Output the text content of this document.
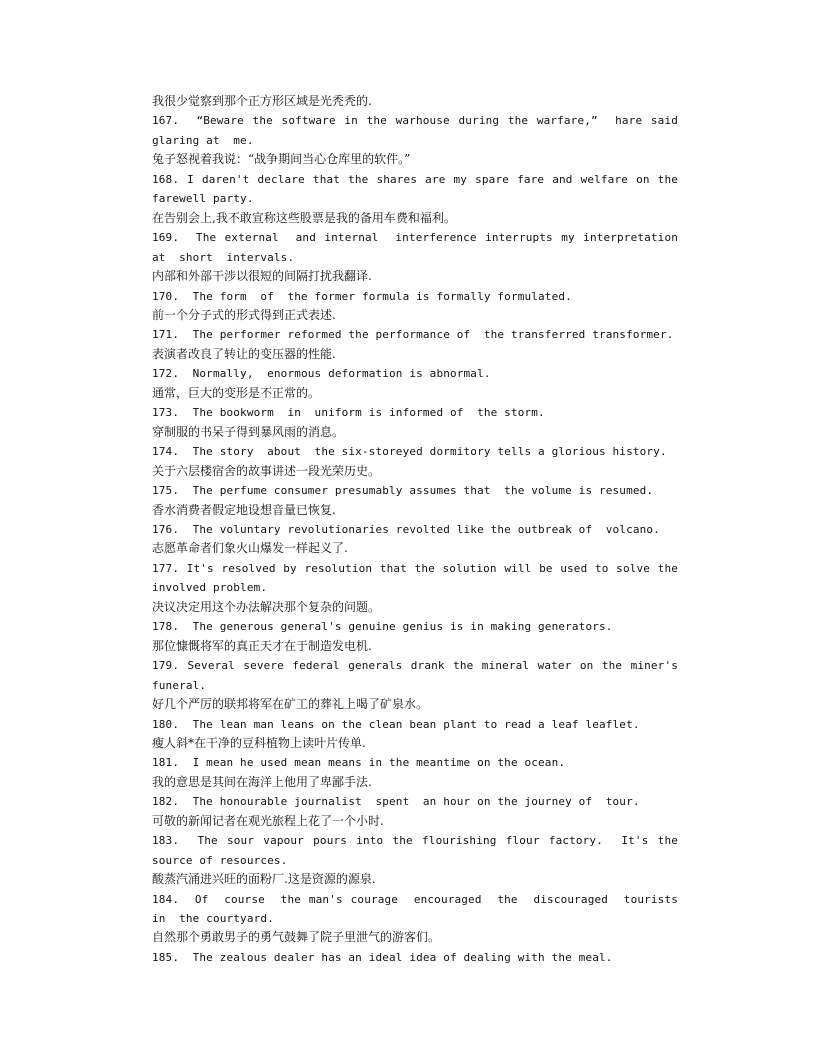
我很少觉察到那个正方形区域是光秃秃的.
167.  “Beware the software in the warhouse during the warfare,”  hare said glaring at  me.
兔子怒视着我说：“战争期间当心仓库里的软件。”
168. I daren't declare that the shares are my spare fare and welfare on the farewell party.
在告别会上,我不敢宣称这些股票是我的备用车费和福利。
169.  The external  and internal  interference interrupts my interpretation at  short  intervals.
内部和外部干涉以很短的间隔打扰我翻译.
170.  The form  of  the former formula is formally formulated.
前一个分子式的形式得到正式表述.
171.  The performer reformed the performance of  the transferred transformer.
表演者改良了转让的变压器的性能.
172.  Normally,  enormous deformation is abnormal.
通常，巨大的变形是不正常的。
173.  The bookworm  in  uniform is informed of  the storm.
穿制服的书呆子得到暴风雨的消息。
174.  The story  about  the six-storeyed dormitory tells a glorious history.
关于六层楼宿舍的故事讲述一段光荣历史。
175.  The perfume consumer presumably assumes that  the volume is resumed.
香水消费者假定地设想音量已恢复.
176.  The voluntary revolutionaries revolted like the outbreak of  volcano.
志愿革命者们象火山爆发一样起义了.
177. It's resolved by resolution that the solution will be used to solve the involved problem.
决议决定用这个办法解决那个复杂的问题。
178.  The generous general's genuine genius is in making generators.
那位慷慨将军的真正天才在于制造发电机.
179. Several severe federal generals drank the mineral water on the miner's funeral.
好几个严厉的联邦将军在矿工的葬礼上喝了矿泉水。
180.  The lean man leans on the clean bean plant to read a leaf leaflet.
瘦人斜*在干净的豆科植物上读叶片传单.
181.  I mean he used mean means in the meantime on the ocean.
我的意思是其间在海洋上他用了卑鄙手法.
182.  The honourable journalist  spent  an hour on the journey of  tour.
可敬的新闻记者在观光旅程上花了一个小时.
183.  The sour vapour pours into the flourishing flour factory.  It's the source of resources.
酸蒸汽涌进兴旺的面粉厂.这是资源的源泉.
184.  Of  course  the man's courage  encouraged  the  discouraged  tourists  in  the courtyard.
自然那个勇敢男子的勇气鼓舞了院子里泄气的游客们。
185.  The zealous dealer has an ideal idea of dealing with the meal.
